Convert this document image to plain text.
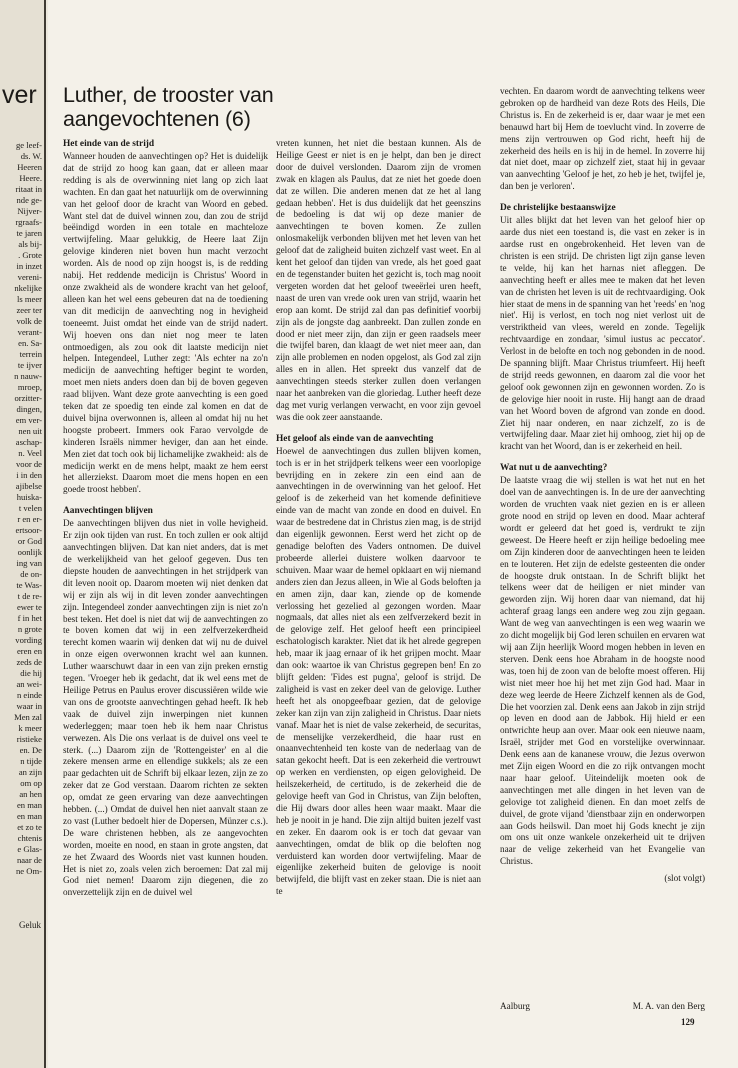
ver
ge leef-
ds. W.
Heeren
Heere.
ritaat in
nde ge-
Nijver-
rgraafs-
te jaren
als bij-
. Grote
in inzet
vereni-
nkelijke
ls meer
zeer ter
volk de
verant-
en. Sa-
terrein
te ijver
n nauw-
mroep,
orzitter-
dingen,
em ver-
nen uit
aschap-
n. Veel
voor de
i in den
ajibelse
huiska-
t velen
r en er-
ertsoor-
or God
oonlijk
ing van
de on-
te Was-
t de re-
ewer te
f in het
n grote
vording
eren en
zeds de
die hij
an wei-
n einde
waar in
Men zal
k meer
ristieke
en. De
n tijde
an zijn
om op
an hen
en man
en man
et zo te
chtenis
e Glas-
naar de
ne Om-
Geluk
Luther, de trooster van aangevochtenen (6)
Het einde van de strijd

Wanneer houden de aanvechtingen op? Het is duidelijk dat de strijd zo hoog kan gaan, dat er alleen maar redding is als de overwinning niet lang op zich laat wachten. En dan gaat het natuurlijk om de overwinning van het geloof door de kracht van Woord en gebed. Want stel dat de duivel winnen zou, dan zou de strijd beëindigd worden in een totale en machteloze vertwijfeling. Maar gelukkig, de Heere laat Zijn gelovige kinderen niet boven hun macht verzocht worden. Als de nood op zijn hoogst is, is de redding nabij. Het reddende medicijn is Christus' Woord in onze zwakheid als de wondere kracht van het geloof, alleen kan het wel eens gebeuren dat na de toediening van dit medicijn de aanvechting nog in hevigheid toeneemt. Juist omdat het einde van de strijd nadert. Wij hoeven ons dan niet nog meer te laten ontmoedigen, als zou ook dit laatste medicijn niet helpen. Integendeel, Luther zegt: 'Als echter na zo'n medicijn de aanvechting heftiger begint te worden, moet men niets anders doen dan bij de boven gegeven raad blijven. Want deze grote aanvechting is een goed teken dat ze spoedig ten einde zal komen en dat de duivel bijna overwonnen is, alleen al omdat hij nu het hoogste probeert. Immers ook Farao vervolgde de kinderen Israëls nimmer heviger, dan aan het einde. Men ziet dat toch ook bij lichamelijke zwakheid: als de medicijn werkt en de mens helpt, maakt ze hem eerst het allerziekst. Daarom moet die mens hopen en een goede troost hebben'.

Aanvechtingen blijven

De aanvechtingen blijven dus niet in volle hevigheid. Er zijn ook tijden van rust. En toch zullen er ook altijd aanvechtingen blijven. Dat kan niet anders, dat is met de werkelijkheid van het geloof gegeven. Dus ten diepste houden de aanvechtingen in het strijdperk van dit leven nooit op. Daarom moeten wij niet denken dat wij er zijn als wij in dit leven zonder aanvechtingen zijn. Integendeel zonder aanvechtingen zijn is niet zo'n best teken. Het doel is niet dat wij de aanvechtingen zo te boven komen dat wij in een zelfverzekerdheid terecht komen waarin wij denken dat wij nu de duivel in onze eigen overwonnen kracht wel aan kunnen. Luther waarschuwt daar in een van zijn preken ernstig tegen. 'Vroeger heb ik gedacht, dat ik wel eens met de Heilige Petrus en Paulus erover discussiëren wilde wie van ons de grootste aanvechtingen gehad heeft. Ik heb vaak de duivel zijn inwerpingen niet kunnen wederleggen; maar toen heb ik hem naar Christus verwezen. Als Die ons verlaat is de duivel ons veel te sterk. (...) Daarom zijn de 'Rottengeister' en al die zekere mensen arme en ellendige sukkels; als ze een paar gedachten uit de Schrift bij elkaar lezen, zijn ze zo zeker dat ze God verstaan. Daarom richten ze sekten op, omdat ze geen ervaring van deze aanvechtingen hebben. (...) Omdat de duivel hen niet aanvalt staan ze zo vast (Luther bedoelt hier de Dopersen, Münzer c.s.). De ware christenen hebben, als ze aangevochten worden, moeite en nood, en staan in grote angsten, dat ze het Zwaard des Woords niet vast kunnen houden. Het is niet zo, zoals velen zich beroemen: Dat zal mij God niet nemen! Daarom zijn diegenen, die zo onverzettelijk zijn en de duivel wel

vreten kunnen, het niet die bestaan kunnen. Als de Heilige Geest er niet is en je helpt, dan ben je direct door de duivel verslonden. Daarom zijn de vromen zwak en klagen als Paulus, dat ze niet het goede doen dat ze willen. Die anderen menen dat ze het al lang gedaan hebben'. Het is dus duidelijk dat het geenszins de bedoeling is dat wij op deze manier de aanvechtingen te boven komen. Ze zullen onlosmakelijk verbonden blijven met het leven van het geloof dat de zaligheid buiten zichzelf vast weet. En al kent het geloof dan tijden van vrede, als het goed gaat en de tegenstander buiten het gezicht is, toch mag nooit vergeten worden dat het geloof tweeërlei uren heeft, naast de uren van vrede ook uren van strijd, waarin het erop aan komt. De strijd zal dan pas definitief voorbij zijn als de jongste dag aanbreekt. Dan zullen zonde en dood er niet meer zijn, dan zijn er geen raadsels meer die twijfel baren, dan klaagt de wet niet meer aan, dan zijn alle problemen en noden opgelost, als God zal zijn alles en in allen. Het spreekt dus vanzelf dat de aanvechtingen steeds sterker zullen doen verlangen naar het aanbreken van die gloriedag. Luther heeft deze dag met vurig verlangen verwacht, en voor zijn gevoel was die ook zeer aanstaande.

Het geloof als einde van de aanvechting

Hoewel de aanvechtingen dus zullen blijven komen, toch is er in het strijdperk telkens weer een voorlopige bevrijding en in zekere zin een eind aan de aanvechtingen in de overwinning van het geloof. Het geloof is de zekerheid van het komende definitieve einde van de macht van zonde en dood en duivel. En waar de bestredene dat in Christus zien mag, is de strijd dan eigenlijk gewonnen. Eerst werd het zicht op de genadige beloften des Vaders ontnomen. De duivel probeerde allerlei duistere wolken daarvoor te schuiven. Maar waar de hemel opklaart en wij niemand anders zien dan Jezus alleen, in Wie al Gods beloften ja en amen zijn, daar kan, ziende op de komende verlossing het gezelied al gezongen worden. Maar nogmaals, dat alles niet als een zelfverzekerd bezit in de gelovige zelf. Het geloof heeft een principieel eschatologisch karakter. Niet dat ik het alrede gegrepen heb, maar ik jaag ernaar of ik het grijpen mocht. Maar dan ook: waartoe ik van Christus gegrepen ben! En zo blijft gelden: 'Fides est pugna', geloof is strijd. De zaligheid is vast en zeker deel van de gelovige. Luther heeft het als onopgeefbaar gezien, dat de gelovige zeker kan zijn van zijn zaligheid in Christus. Daar niets vanaf. Maar het is niet de valse zekerheid, de securitas, de menselijke verzekerdheid, die haar rust en onaanvechtenheid ten koste van de nederlaag van de satan gekocht heeft. Dat is een zekerheid die vertrouwt op werken en verdiensten, op eigen gelovigheid. De heilszekerheid, de certitudo, is de zekerheid die de gelovige heeft van God in Christus, van Zijn beloften, die Hij dwars door alles heen waar maakt. Maar die heb je nooit in je hand. Die zijn altijd buiten jezelf vast en zeker. En daarom ook is er toch dat gevaar van aanvechtingen, omdat de blik op die beloften nog verduisterd kan worden door vertwijfeling. Maar de eigenlijke zekerheid buiten de gelovige is nooit betwijfeld, die blijft vast en zeker staan. Die is niet aan te

vechten. En daarom wordt de aanvechting telkens weer gebroken op de hardheid van deze Rots des Heils, Die Christus is. En de zekerheid is er, daar waar je met een benauwd hart bij Hem de toevlucht vind. In zoverre de mens zijn vertrouwen op God richt, heeft hij de zekerheid des heils en is hij in de hemel. In zoverre hij dat niet doet, maar op zichzelf ziet, staat hij in gevaar van aanvechting 'Geloof je het, zo heb je het, twijfel je, dan ben je verloren'.

De christelijke bestaanswijze

Uit alles blijkt dat het leven van het geloof hier op aarde dus niet een toestand is, die vast en zeker is in aardse rust en ongebrokenheid. Het leven van de christen is een strijd. De christen ligt zijn ganse leven te velde, hij kan het harnas niet afleggen. De aanvechting heeft er alles mee te maken dat het leven van de christen het leven is uit de rechtvaardiging. Ook hier staat de mens in de spanning van het 'reeds' en 'nog niet'. Hij is verlost, en toch nog niet verlost uit de verstriktheid van vlees, wereld en zonde. Tegelijk rechtvaardige en zondaar, 'simul iustus ac peccator'. Verlost in de belofte en toch nog gebonden in de nood. De spanning blijft. Maar Christus triumfeert. Hij heeft de strijd reeds gewonnen, en daarom zal die voor het geloof ook gewonnen zijn en gewonnen worden. Zo is de gelovige hier nooit in ruste. Hij hangt aan de draad van het Woord boven de afgrond van zonde en dood. Ziet hij naar onderen, en naar zichzelf, zo is de vertwijfeling daar. Maar ziet hij omhoog, ziet hij op de kracht van het Woord, dan is er zekerheid en heil.

Wat nut u de aanvechting?

De laatste vraag die wij stellen is wat het nut en het doel van de aanvechtingen is. In de ure der aanvechting worden de vruchten vaak niet gezien en is er alleen grote nood en strijd op leven en dood. Maar achteraf wordt er geleerd dat het goed is, verdrukt te zijn geweest. De Heere heeft er zijn heilige bedoeling mee om Zijn kinderen door de aanvechtingen heen te leiden en te louteren. Het zijn de edelste gesteenten die onder de hoogste druk ontstaan. In de Schrift blijkt het telkens weer dat de heiligen er niet minder van geworden zijn. Wij horen daar van niemand, dat hij achteraf graag langs een andere weg zou zijn gegaan. Want de weg van aanvechtingen is een weg waarin we zo dicht mogelijk bij God leren schuilen en ervaren wat wij aan Zijn heerlijk Woord mogen hebben in leven en sterven. Denk eens hoe Abraham in de hoogste nood was, toen hij de zoon van de belofte moest offeren. Hij wist niet meer hoe hij het met zijn God had. Maar in deze weg leerde de Heere Zichzelf kennen als de God, Die het voorzien zal. Denk eens aan Jakob in zijn strijd op leven en dood aan de Jabbok. Hij hield er een ontwrichte heup aan over. Maar ook een nieuwe naam, Israël, strijder met God en vorstelijke overwinnaar. Denk eens aan de kananese vrouw, die Jezus overwon met Zijn eigen Woord en die zo rijk ontvangen mocht naar haar geloof. Uiteindelijk moeten ook de aanvechtingen met alle dingen in het leven van de gelovige tot zaligheid dienen. En dan moet zelfs de duivel, de grote vijand 'dienstbaar zijn en onderworpen aan Gods heilswil. Dan moet hij Gods knecht je zijn om ons uit onze wankele onzekerheid uit te drijven naar de velige zekerheid van het Evangelie van Christus.

(slot volgt)

Aalburg	M. A. van den Berg
129
